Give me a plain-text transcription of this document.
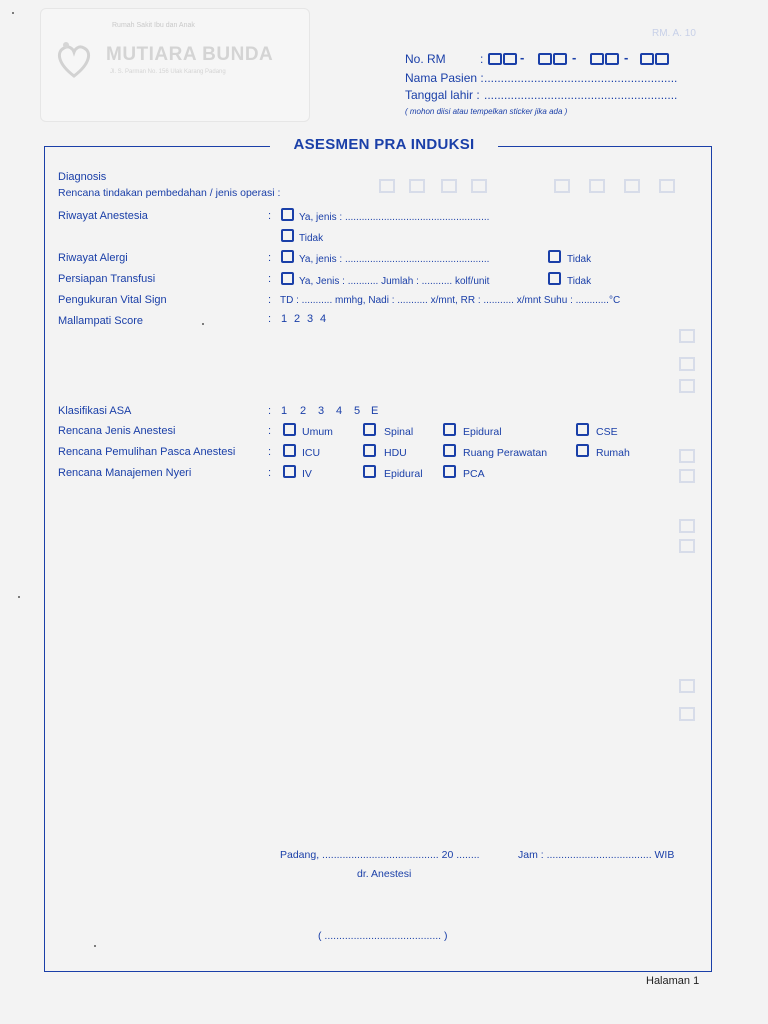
Rumah Sakit Ibu dan Anak
MUTIARA BUNDA
Jl. S. Parman No. 156 Ulak Karang Padang
RM. A. 10
No. RM	:	-	-	-
Nama Pasien : ..........................................................
Tanggal lahir : ..........................................................
( mohon diisi atau tempelkan sticker jika ada )
ASESMEN PRA INDUKSI
Diagnosis
Rencana tindakan pembedahan / jenis operasi :
Riwayat Anestesia	:	Ya, jenis : ....................................................
Tidak
Riwayat Alergi	:	Ya, jenis : ....................................................	Tidak
Persiapan Transfusi	:	Ya, Jenis : ........... Jumlah : ........... kolf/unit	Tidak
Pengukuran Vital Sign	: TD : ........... mmhg, Nadi : ........... x/mnt, RR : ........... x/mnt Suhu : ............°C
Mallampati Score	: 1 2 3 4
Klasifikasi ASA	: 1 2 3 4 5 E
Rencana Jenis Anestesi	:	Umum	Spinal	Epidural	CSE
Rencana Pemulihan Pasca Anestesi	:	ICU	HDU	Ruang Perawatan	Rumah
Rencana Manajemen Nyeri	:	IV	Epidural	PCA
Padang, ........................................ 20 ........	Jam : .................................... WIB
dr. Anestesi
( ........................................ )
Halaman 1
